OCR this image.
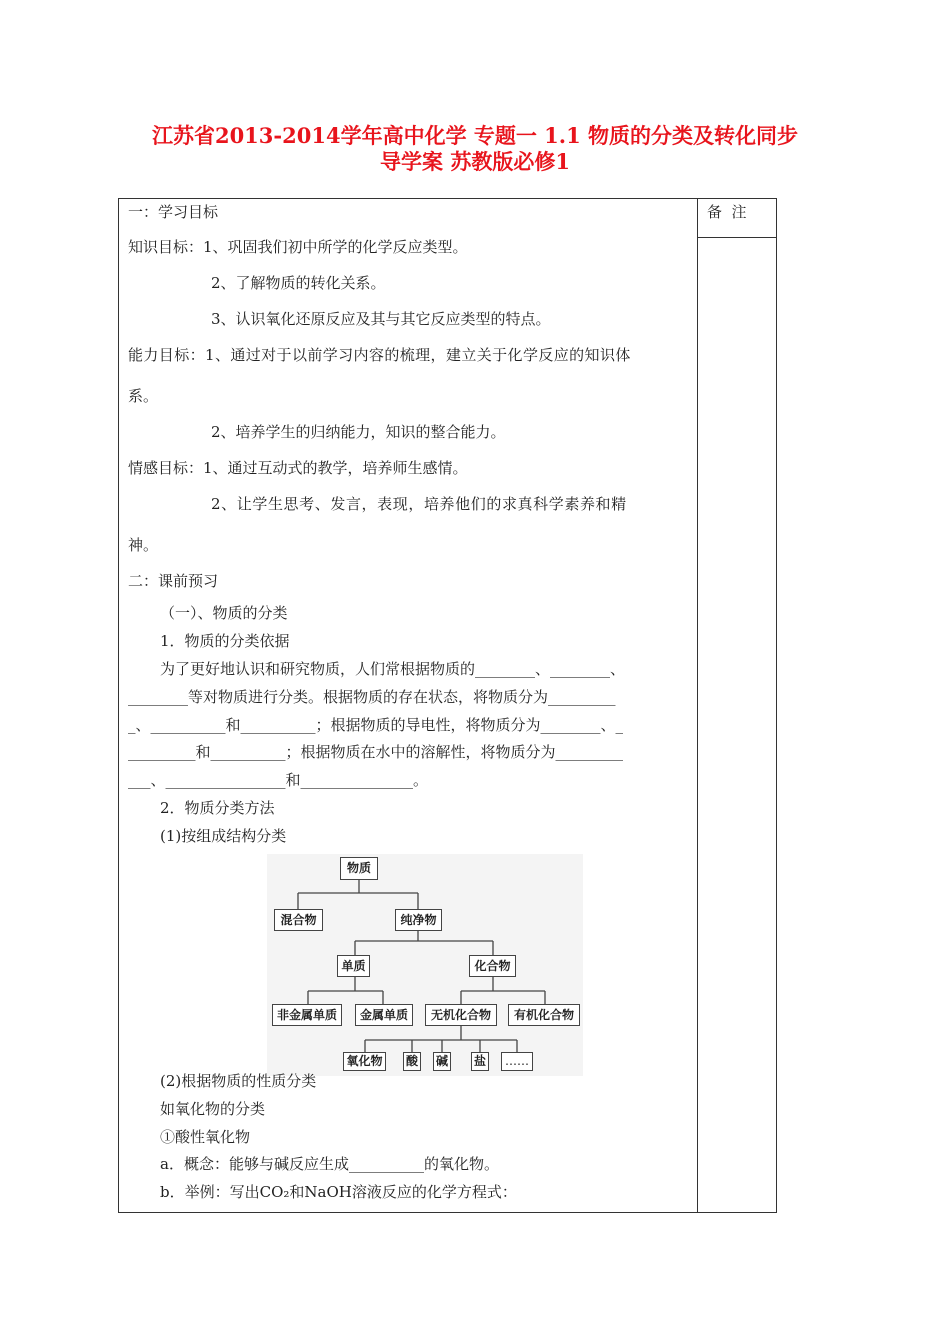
江苏省2013-2014学年高中化学 专题一 1.1 物质的分类及转化同步
导学案 苏教版必修1
备  注
一：学习目标
知识目标：1、巩固我们初中所学的化学反应类型。
2、了解物质的转化关系。
3、认识氧化还原反应及其与其它反应类型的特点。
能力目标：1、通过对于以前学习内容的梳理，建立关于化学反应的知识体
系。
2、培养学生的归纳能力，知识的整合能力。
情感目标：1、通过互动式的教学，培养师生感情。
2、让学生思考、发言，表现，培养他们的求真科学素养和精
神。
二：课前预习
（一）、物质的分类
1．物质的分类依据
为了更好地认识和研究物质，人们常根据物质的________、________、
________等对物质进行分类。根据物质的存在状态，将物质分为_________
_、__________和__________；根据物质的导电性，将物质分为________、_
_________和__________；根据物质在水中的溶解性，将物质分为_________
___、________________和_______________。
2．物质分类方法
(1)按组成结构分类
物质
混合物	纯净物
单质	化合物
非金属单质	金属单质	无机化合物	有机化合物
氧化物 酸 碱 盐	……
(2)根据物质的性质分类
如氧化物的分类
①酸性氧化物
a．概念：能够与碱反应生成__________的氧化物。
b．举例：写出CO₂和NaOH溶液反应的化学方程式：
